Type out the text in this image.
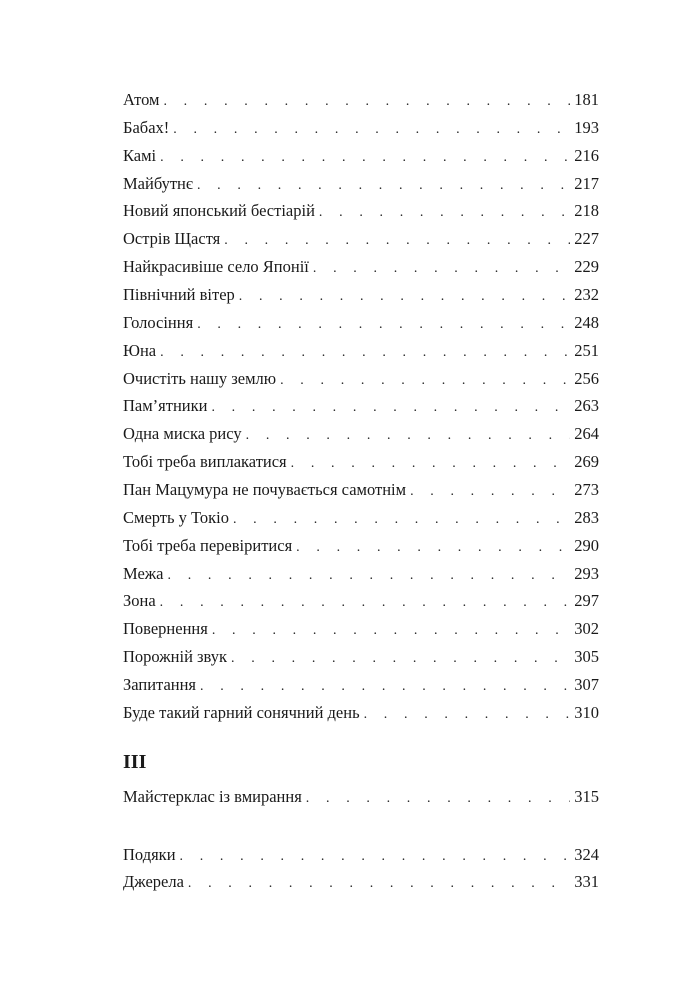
Атом . . .	181
Бабах! . . .	193
Камі . . .	216
Майбутнє . . .	217
Новий японський бестіарій . . .	218
Острів Щастя . . .	227
Найкрасивіше село Японії . . .	229
Північний вітер . . .	232
Голосіння . . .	248
Юна . . .	251
Очистіть нашу землю . . .	256
Пам’ятники . . .	263
Одна миска рису . . .	264
Тобі треба виплакатися . . .	269
Пан Мацумура не почувається самотнім . . .	273
Смерть у Токіо . . .	283
Тобі треба перевіритися . . .	290
Межа . . .	293
Зона . . .	297
Повернення . . .	302
Порожній звук . . .	305
Запитання . . .	307
Буде такий гарний сонячний день . . .	310
III
Майстерклас із вмирання . . .	315
Подяки . . .	324
Джерела . . .	331
